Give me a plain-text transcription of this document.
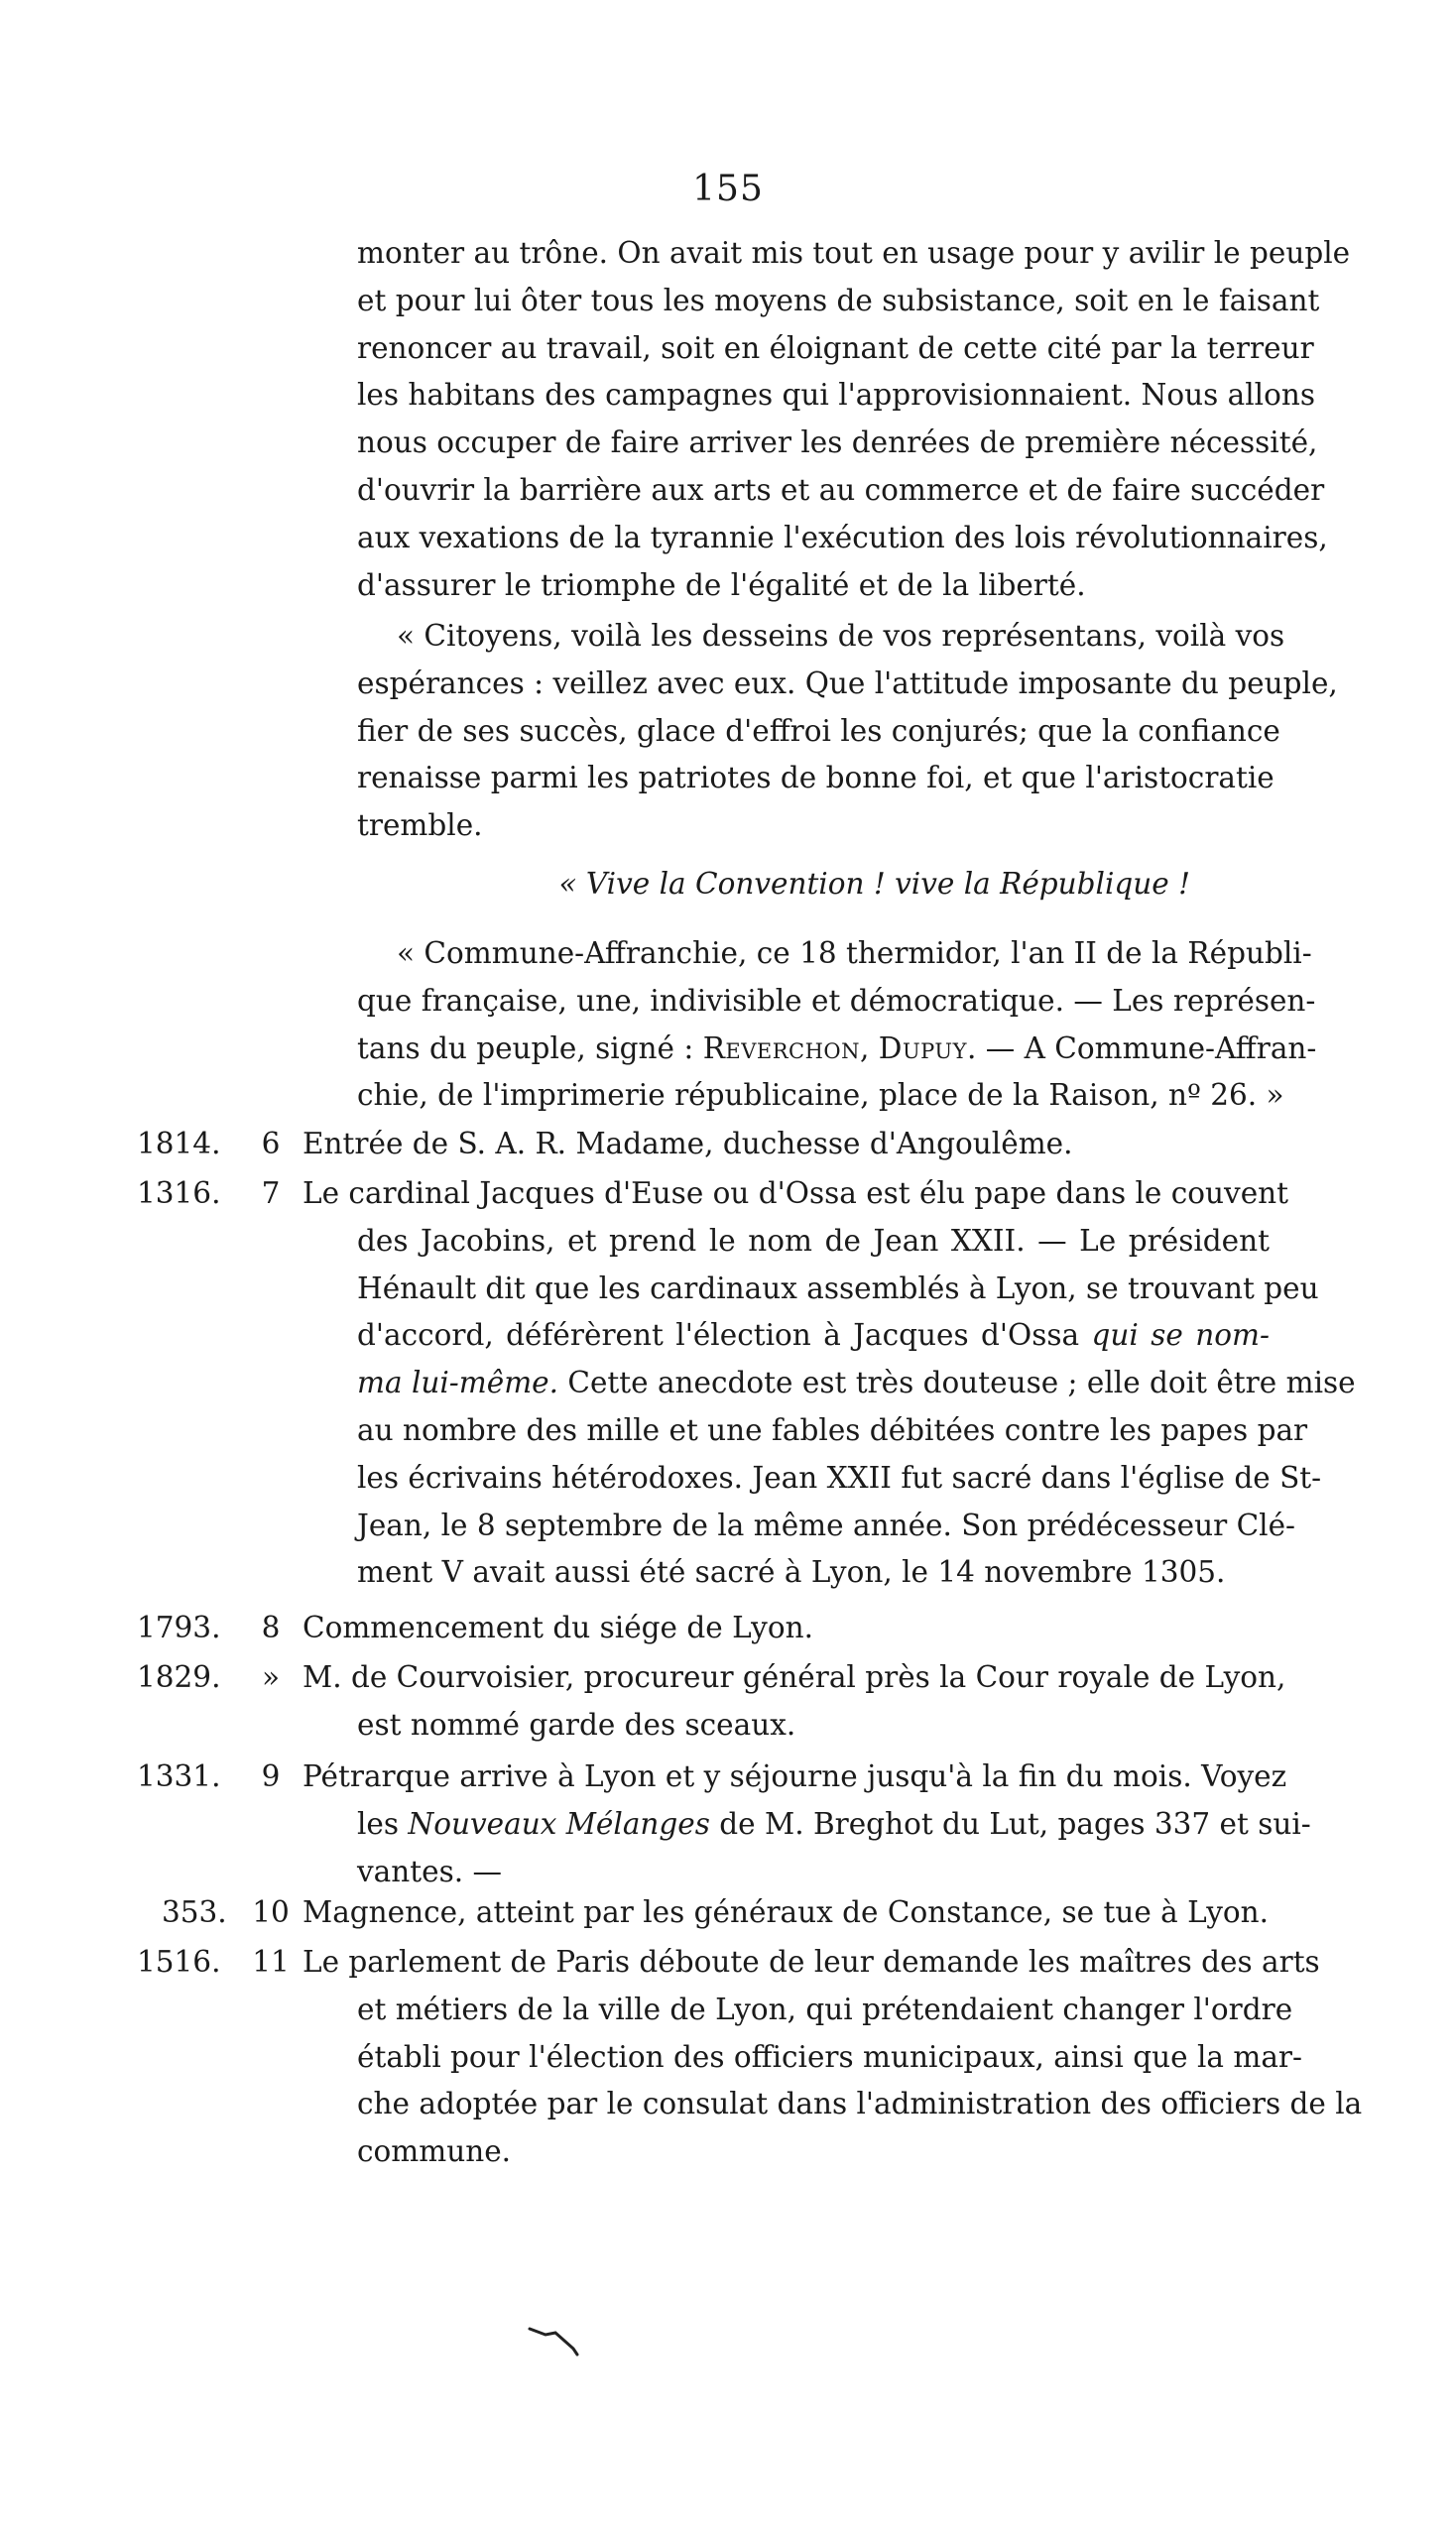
155
monter au trône. On avait mis tout en usage pour y avilir le peuple
et pour lui ôter tous les moyens de subsistance, soit en le faisant
renoncer au travail, soit en éloignant de cette cité par la terreur
les habitans des campagnes qui l'approvisionnaient. Nous allons
nous occuper de faire arriver les denrées de première nécessité,
d'ouvrir la barrière aux arts et au commerce et de faire succéder
aux vexations de la tyrannie l'exécution des lois révolutionnaires,
d'assurer le triomphe de l'égalité et de la liberté.
« Citoyens, voilà les desseins de vos représentans, voilà vos
espérances : veillez avec eux. Que l'attitude imposante du peuple,
fier de ses succès, glace d'effroi les conjurés; que la confiance
renaisse parmi les patriotes de bonne foi, et que l'aristocratie
tremble.
« Vive la Convention ! vive la République !
« Commune-Affranchie, ce 18 thermidor, l'an II de la Républi-
que française, une, indivisible et démocratique. — Les représen-
tans du peuple, signé : Reverchon, Dupuy. — A Commune-Affran-
chie, de l'imprimerie républicaine, place de la Raison, nº 26. »
1814.	6 Entrée de S. A. R. Madame, duchesse d'Angoulême.
1316.	7 Le cardinal Jacques d'Euse ou d'Ossa est élu pape dans le couvent
des Jacobins, et prend le nom de Jean XXII. — Le président
Hénault dit que les cardinaux assemblés à Lyon, se trouvant peu
d'accord, déférèrent l'élection à Jacques d'Ossa qui se nom-
ma lui-même. Cette anecdote est très douteuse ; elle doit être mise
au nombre des mille et une fables débitées contre les papes par
les écrivains hétérodoxes. Jean XXII fut sacré dans l'église de St-
Jean, le 8 septembre de la même année. Son prédécesseur Clé-
ment V avait aussi été sacré à Lyon, le 14 novembre 1305.
1793.	8 Commencement du siége de Lyon.
1829.	» M. de Courvoisier, procureur général près la Cour royale de Lyon,
est nommé garde des sceaux.
1331.	9 Pétrarque arrive à Lyon et y séjourne jusqu'à la fin du mois. Voyez
les Nouveaux Mélanges de M. Breghot du Lut, pages 337 et sui-
vantes. —
353. 10 Magnence, atteint par les généraux de Constance, se tue à Lyon.
1516.	11 Le parlement de Paris déboute de leur demande les maîtres des arts
et métiers de la ville de Lyon, qui prétendaient changer l'ordre
établi pour l'élection des officiers municipaux, ainsi que la mar-
che adoptée par le consulat dans l'administration des officiers de la
commune.
